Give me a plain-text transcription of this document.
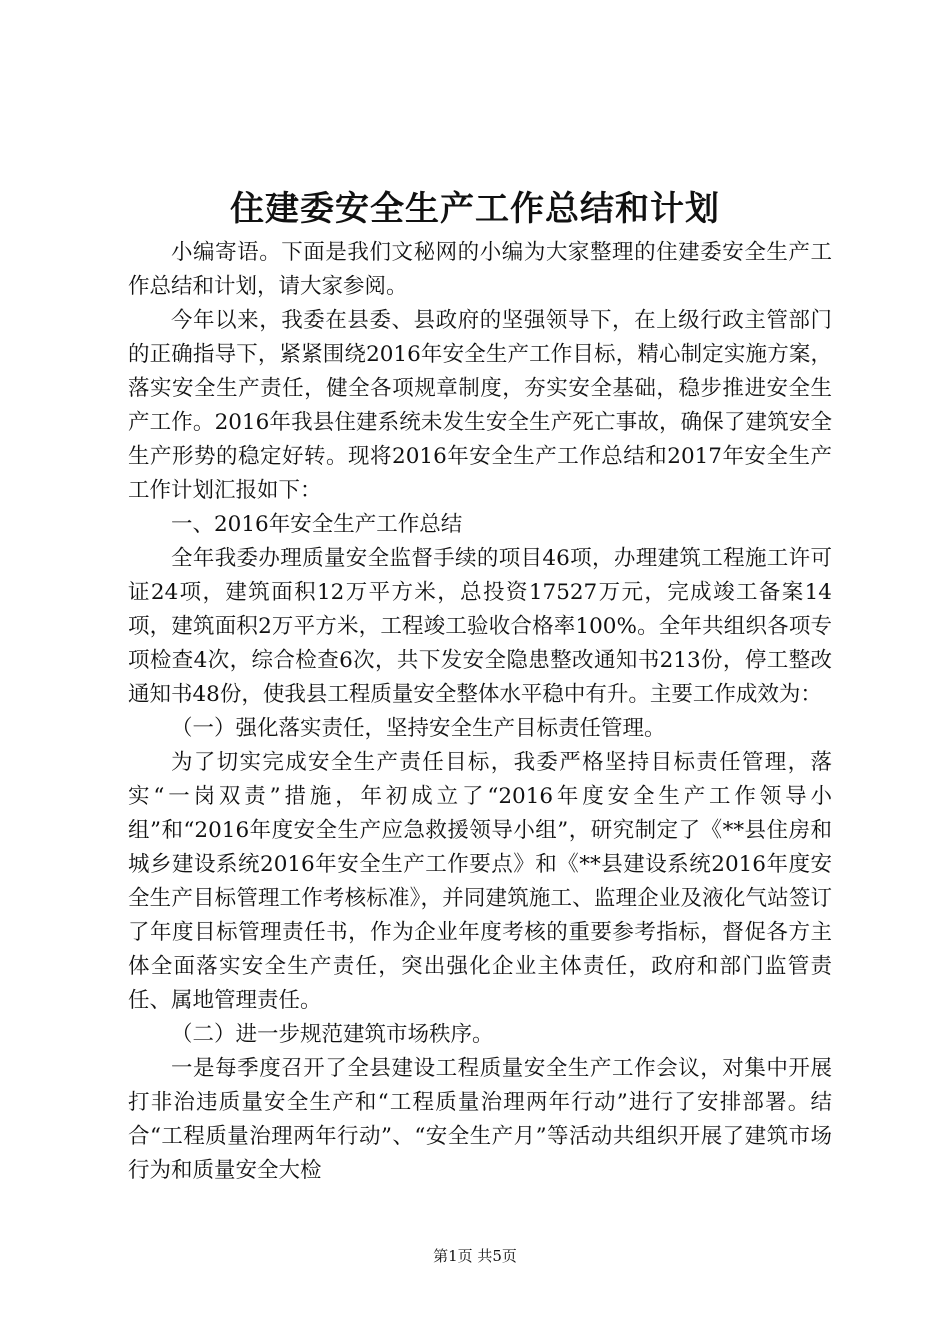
住建委安全生产工作总结和计划

小编寄语。下面是我们文秘网的小编为大家整理的住建委安全生产工作总结和计划，请大家参阅。

今年以来，我委在县委、县政府的坚强领导下，在上级行政主管部门的正确指导下，紧紧围绕2016年安全生产工作目标，精心制定实施方案，落实安全生产责任，健全各项规章制度，夯实安全基础，稳步推进安全生产工作。2016年我县住建系统未发生安全生产死亡事故，确保了建筑安全生产形势的稳定好转。现将2016年安全生产工作总结和2017年安全生产工作计划汇报如下：

一、2016年安全生产工作总结

全年我委办理质量安全监督手续的项目46项，办理建筑工程施工许可证24项，建筑面积12万平方米，总投资17527万元，完成竣工备案14项，建筑面积2万平方米，工程竣工验收合格率100%。全年共组织各项专项检查4次，综合检查6次，共下发安全隐患整改通知书213份，停工整改通知书48份，使我县工程质量安全整体水平稳中有升。主要工作成效为：

（一）强化落实责任，坚持安全生产目标责任管理。

为了切实完成安全生产责任目标，我委严格坚持目标责任管理，落实“一岗双责”措施，年初成立了“2016年度安全生产工作领导小组”和“2016年度安全生产应急救援领导小组”，研究制定了《**县住房和城乡建设系统2016年安全生产工作要点》和《**县建设系统2016年度安全生产目标管理工作考核标准》，并同建筑施工、监理企业及液化气站签订了年度目标管理责任书，作为企业年度考核的重要参考指标，督促各方主体全面落实安全生产责任，突出强化企业主体责任，政府和部门监管责任、属地管理责任。

（二）进一步规范建筑市场秩序。

一是每季度召开了全县建设工程质量安全生产工作会议，对集中开展打非治违质量安全生产和“工程质量治理两年行动”进行了安排部署。结合“工程质量治理两年行动”、“安全生产月”等活动共组织开展了建筑市场行为和质量安全大检

第1页 共5页
